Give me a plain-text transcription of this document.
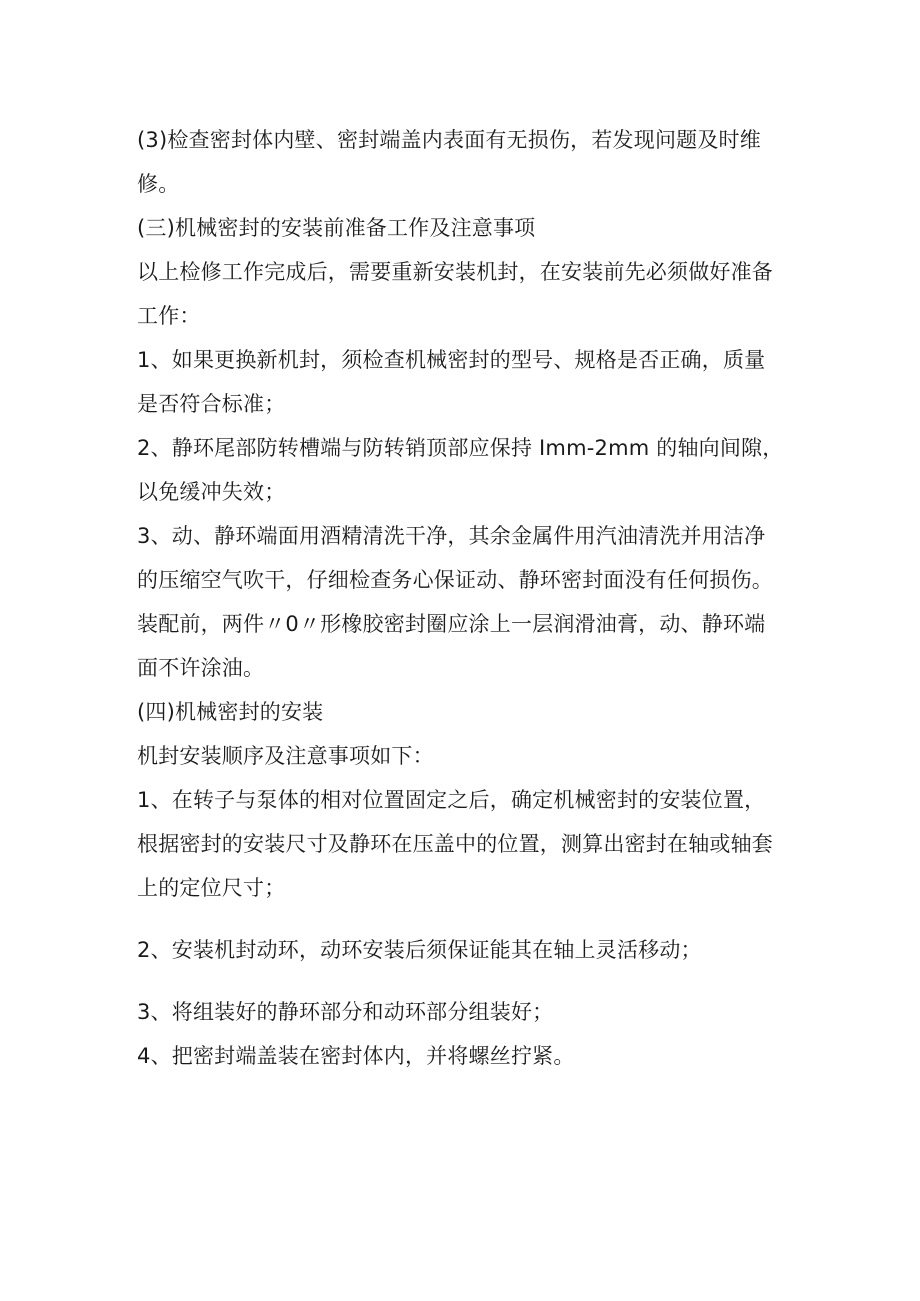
(3)检查密封体内壁、密封端盖内表面有无损伤，若发现问题及时维
修。
(三)机械密封的安装前准备工作及注意事项
以上检修工作完成后，需要重新安装机封，在安装前先必须做好准备
工作：
1、如果更换新机封，须检查机械密封的型号、规格是否正确，质量
是否符合标准；
2、静环尾部防转槽端与防转销顶部应保持 Imm-2mm 的轴向间隙，
以免缓冲失效；
3、动、静环端面用酒精清洗干净，其余金属件用汽油清洗并用洁净
的压缩空气吹干，仔细检查务心保证动、静环密封面没有任何损伤。
装配前，两件〃0〃形橡胶密封圈应涂上一层润滑油膏，动、静环端
面不许涂油。
(四)机械密封的安装
机封安装顺序及注意事项如下：
1、在转子与泵体的相对位置固定之后，确定机械密封的安装位置，
根据密封的安装尺寸及静环在压盖中的位置，测算出密封在轴或轴套
上的定位尺寸；
2、安装机封动环，动环安装后须保证能其在轴上灵活移动；
3、将组装好的静环部分和动环部分组装好；
4、把密封端盖装在密封体内，并将螺丝拧紧。
